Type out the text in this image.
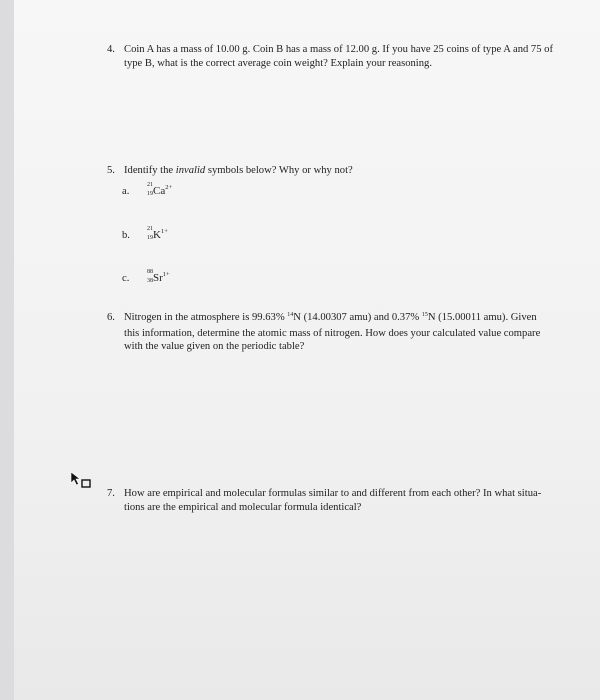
4. Coin A has a mass of 10.00 g. Coin B has a mass of 12.00 g. If you have 25 coins of type A and 75 of
type B, what is the correct average coin weight? Explain your reasoning.
5. Identify the invalid symbols below? Why or why not?
a.
21
19 $Ca^{2+}$
b.
21
19 $K^{1+}$
c.
88
38 $Sr^{1+}$
6. Nitrogen in the atmosphere is 99.63% $^{14}$N (14.00307 amu) and 0.37% $^{15}$N (15.00011 amu). Given
this information, determine the atomic mass of nitrogen. How does your calculated value compare
with the value given on the periodic table?
7. How are empirical and molecular formulas similar to and different from each other? In what situa-
tions are the empirical and molecular formula identical?
